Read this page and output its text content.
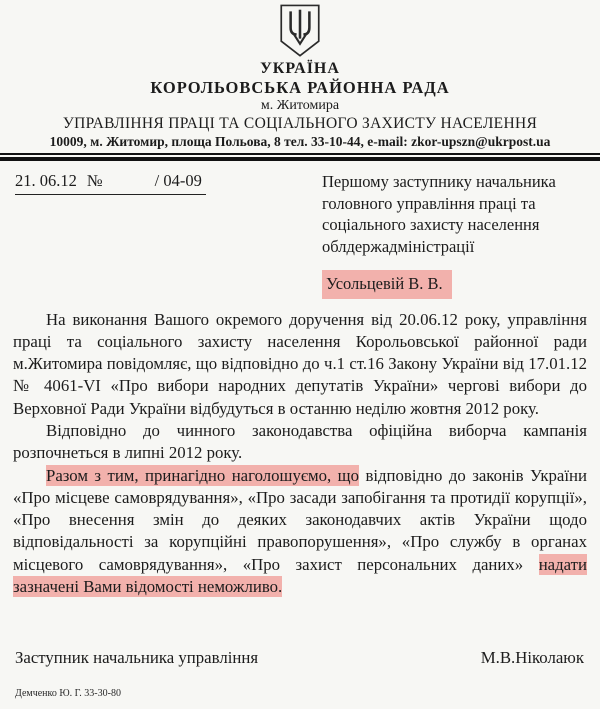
УКРАЇНА
КОРОЛЬОВСЬКА РАЙОННА РАДА
м. Житомира
УПРАВЛІННЯ ПРАЦІ ТА СОЦІАЛЬНОГО ЗАХИСТУ НАСЕЛЕННЯ
10009, м. Житомир, площа Польова, 8 тел. 33-10-44, e-mail: zkor-upszn@ukrpost.ua
21. 06.12 №	/ 04-09	Першому заступнику начальника головного управління праці та соціального захисту населення облдержадміністрації
Усольцевій В. В.

На виконання Вашого окремого доручення від 20.06.12 року, управління праці та соціального захисту населення Корольовської районної ради м.Житомира повідомляє, що відповідно до ч.1 ст.16 Закону України від 17.01.12 № 4061-VI «Про вибори народних депутатів України» чергові вибори до Верховної Ради України відбудуться в останню неділю жовтня 2012 року.

Відповідно до чинного законодавства офіційна виборча кампанія розпочнеться в липні 2012 року.

Разом з тим, принагідно наголошуємо, що відповідно до законів України «Про місцеве самоврядування», «Про засади запобігання та протидії корупції», «Про внесення змін до деяких законодавчих актів України щодо відповідальності за корупційні правопорушення», «Про службу в органах місцевого самоврядування», «Про захист персональних даних» надати зазначені Вами відомості неможливо.

Заступник начальника управління	М.В.Ніколаюк
Демченко Ю. Г. 33-30-80
